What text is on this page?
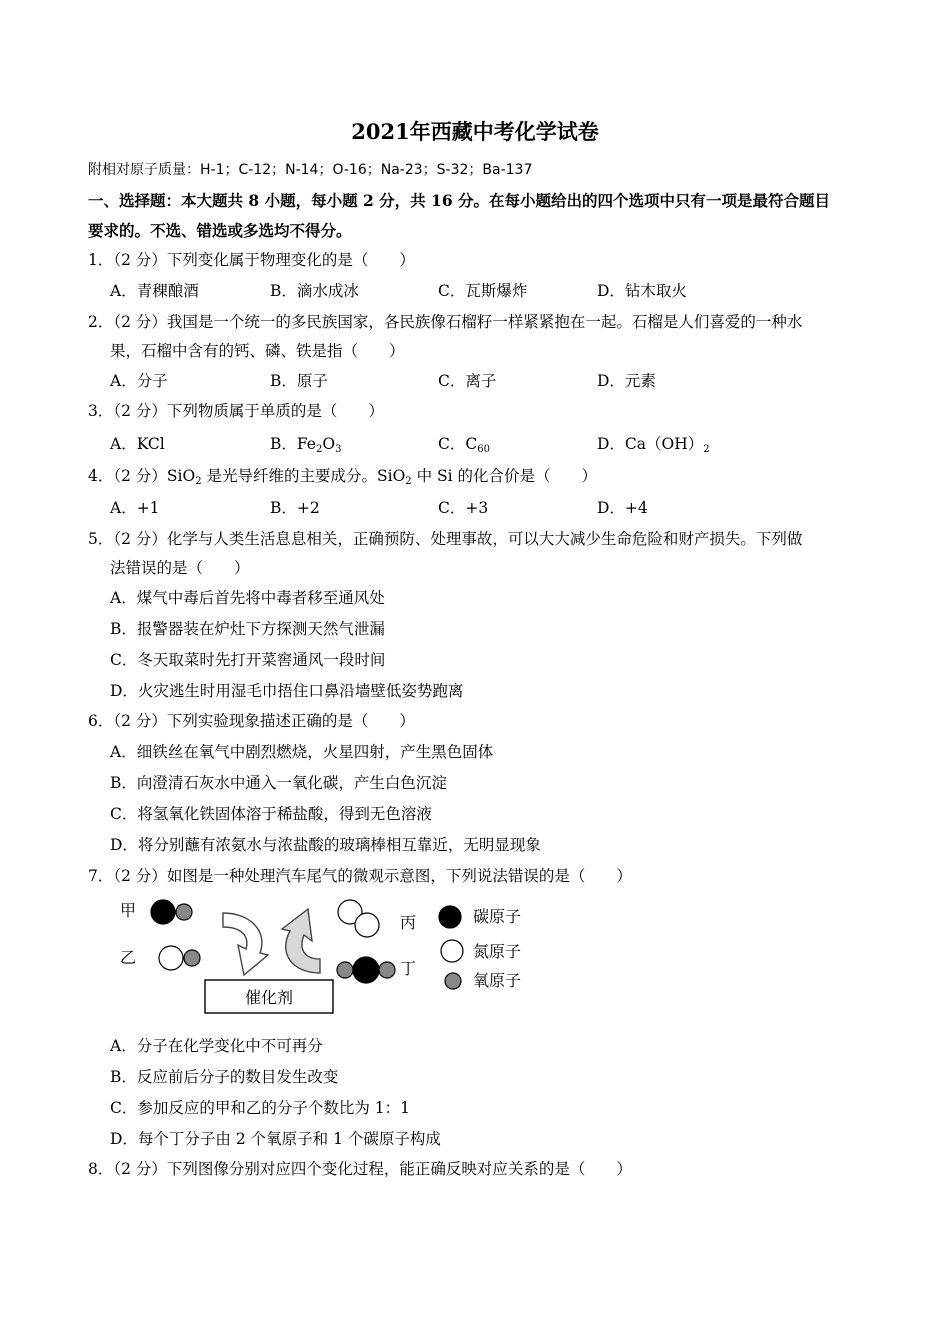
2021年西藏中考化学试卷
附相对原子质量：H-1；C-12；N-14；O-16；Na-23；S-32；Ba-137
一、选择题：本大题共 8 小题，每小题 2 分，共 16 分。在每小题给出的四个选项中只有一项是最符合题目
要求的。不选、错选或多选均不得分。
1．（2 分）下列变化属于物理变化的是（　　）
A．青稞酿酒	B．滴水成冰	C．瓦斯爆炸	D．钻木取火
2．（2 分）我国是一个统一的多民族国家，各民族像石榴籽一样紧紧抱在一起。石榴是人们喜爱的一种水
果，石榴中含有的钙、磷、铁是指（　　）
A．分子	B．原子	C．离子	D．元素
3．（2 分）下列物质属于单质的是（　　）
A．KCl	B．$Fe_2O_3$	C．$C_{60}$	D．$Ca(OH)_2$
4．（2 分）SiO$_2$ 是光导纤维的主要成分。SiO$_2$ 中 Si 的化合价是（　　）
A．+1	B．+2	C．+3	D．+4
5．（2 分）化学与人类生活息息相关，正确预防、处理事故，可以大大减少生命危险和财产损失。下列做
法错误的是（　　）
A．煤气中毒后首先将中毒者移至通风处
B．报警器装在炉灶下方探测天然气泄漏
C．冬天取菜时先打开菜窖通风一段时间
D．火灾逃生时用湿毛巾捂住口鼻沿墙壁低姿势跑离
6．（2 分）下列实验现象描述正确的是（　　）
A．细铁丝在氧气中剧烈燃烧，火星四射，产生黑色固体
B．向澄清石灰水中通入一氧化碳，产生白色沉淀
C．将氢氧化铁固体溶于稀盐酸，得到无色溶液
D．将分别蘸有浓氨水与浓盐酸的玻璃棒相互靠近，无明显现象
7．（2 分）如图是一种处理汽车尾气的微观示意图，下列说法错误的是（　　）
甲
乙
丙
丁
催化剂
碳原子
氮原子
氧原子
A．分子在化学变化中不可再分
B．反应前后分子的数目发生改变
C．参加反应的甲和乙的分子个数比为 1：1
D．每个丁分子由 2 个氧原子和 1 个碳原子构成
8．（2 分）下列图像分别对应四个变化过程，能正确反映对应关系的是（　　）
